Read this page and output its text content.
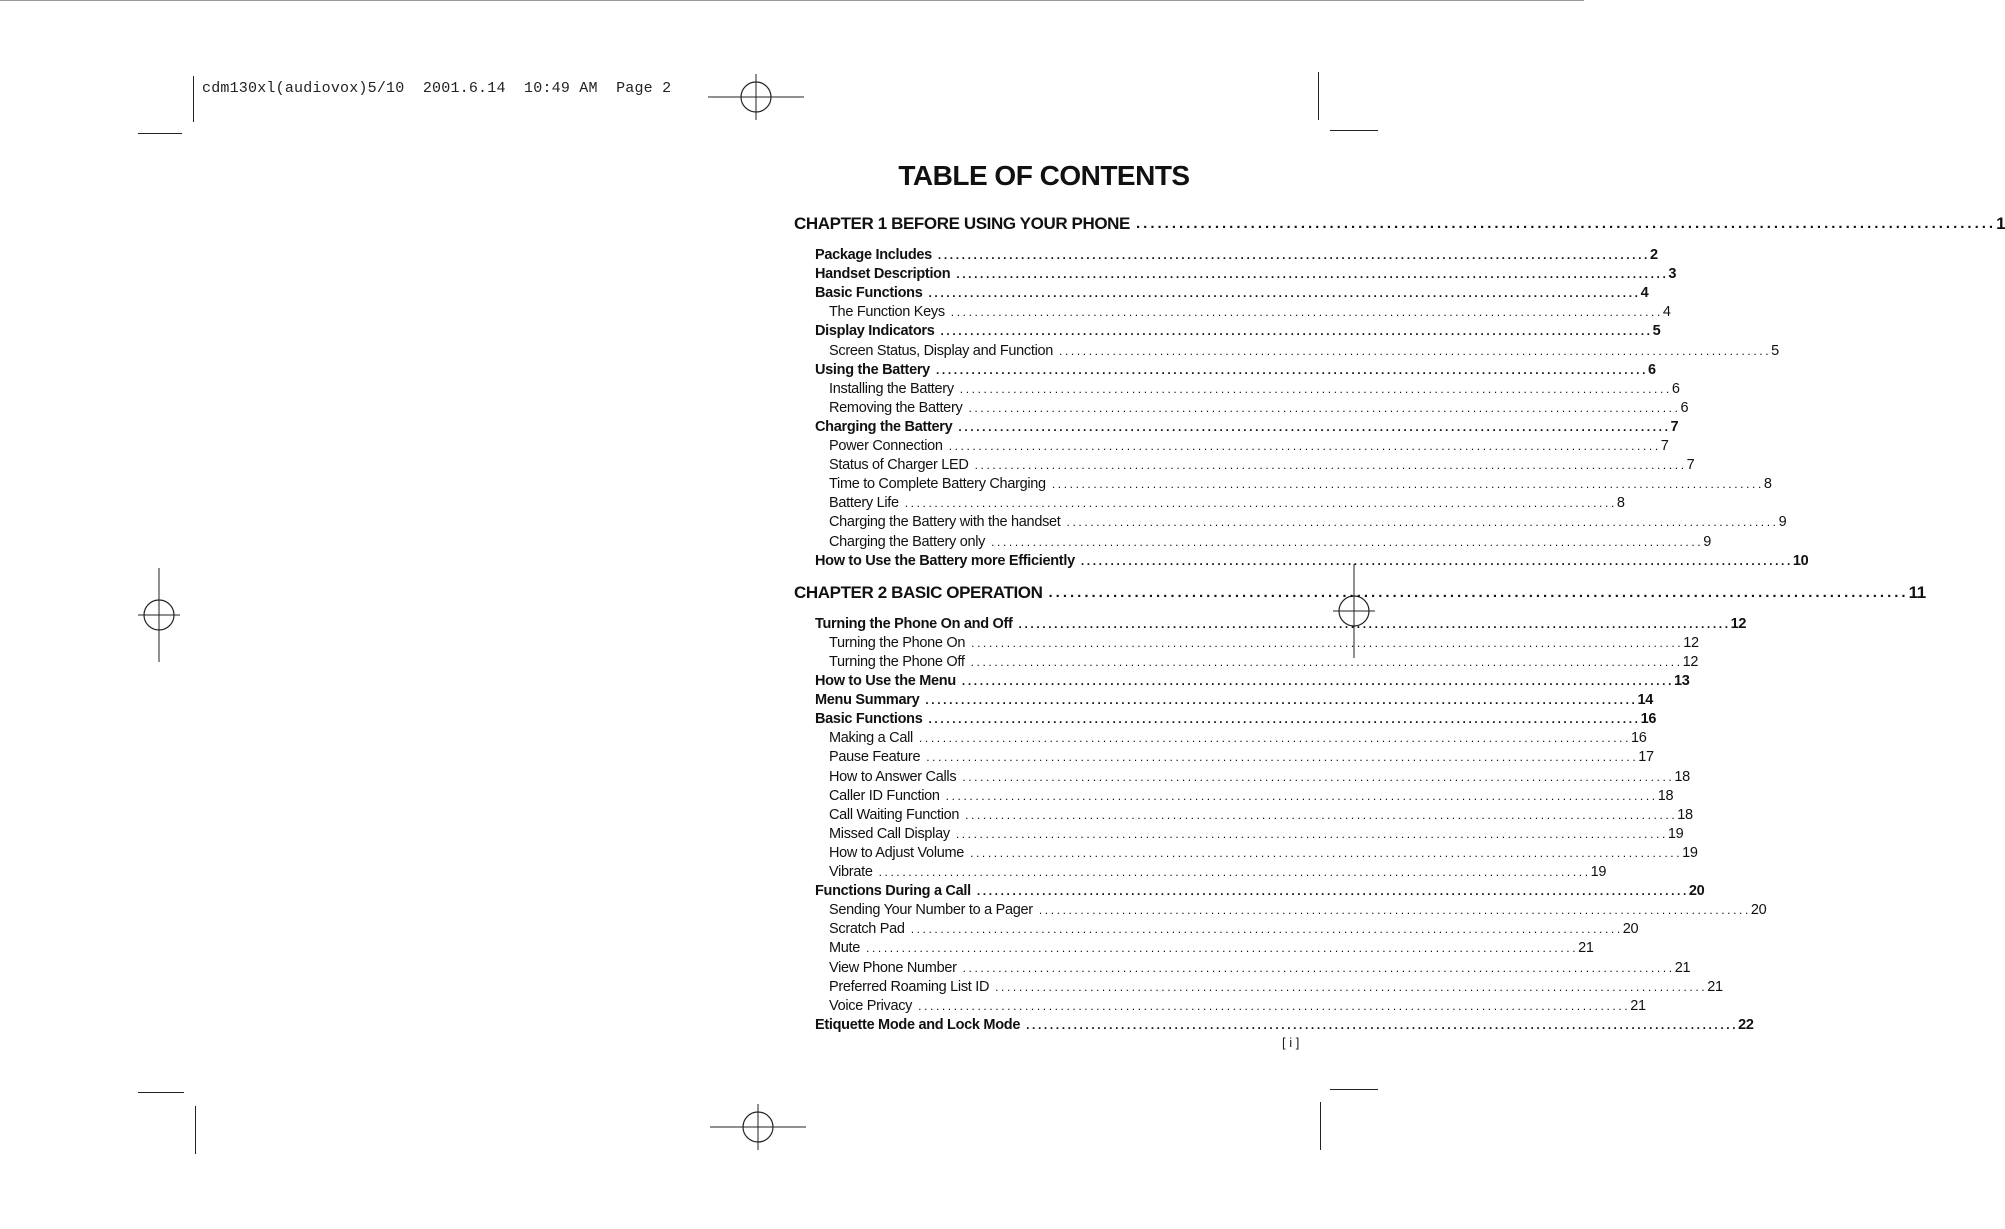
cdm130xl(audiovox)5/10  2001.6.14  10:49 AM  Page 2
TABLE OF CONTENTS
CHAPTER 1 BEFORE USING YOUR PHONE ........................................................................................................................ 1
Package Includes ........................................................................................................................ 2
Handset Description ........................................................................................................................ 3
Basic Functions ........................................................................................................................ 4
The Function Keys ........................................................................................................................ 4
Display Indicators ........................................................................................................................ 5
Screen Status, Display and Function ........................................................................................................................ 5
Using the Battery ........................................................................................................................ 6
Installing the Battery ........................................................................................................................ 6
Removing the Battery ........................................................................................................................ 6
Charging the Battery ........................................................................................................................ 7
Power Connection ........................................................................................................................ 7
Status of Charger LED ........................................................................................................................ 7
Time to Complete Battery Charging ........................................................................................................................ 8
Battery Life ........................................................................................................................ 8
Charging the Battery with the handset ........................................................................................................................ 9
Charging the Battery only ........................................................................................................................ 9
How to Use the Battery more Efficiently ........................................................................................................................ 10
CHAPTER 2 BASIC OPERATION ........................................................................................................................ 11
Turning the Phone On and Off ........................................................................................................................ 12
Turning the Phone On ........................................................................................................................ 12
Turning the Phone Off ........................................................................................................................ 12
How to Use the Menu ........................................................................................................................ 13
Menu Summary ........................................................................................................................ 14
Basic Functions ........................................................................................................................ 16
Making a Call ........................................................................................................................ 16
Pause Feature ........................................................................................................................ 17
How to Answer Calls ........................................................................................................................ 18
Caller ID Function ........................................................................................................................ 18
Call Waiting Function ........................................................................................................................ 18
Missed Call Display ........................................................................................................................ 19
How to Adjust Volume ........................................................................................................................ 19
Vibrate ........................................................................................................................ 19
Functions During a Call ........................................................................................................................ 20
Sending Your Number to a Pager ........................................................................................................................ 20
Scratch Pad ........................................................................................................................ 20
Mute ........................................................................................................................ 21
View Phone Number ........................................................................................................................ 21
Preferred Roaming List ID ........................................................................................................................ 21
Voice Privacy ........................................................................................................................ 21
Etiquette Mode and Lock Mode ........................................................................................................................ 22
[ i ]
